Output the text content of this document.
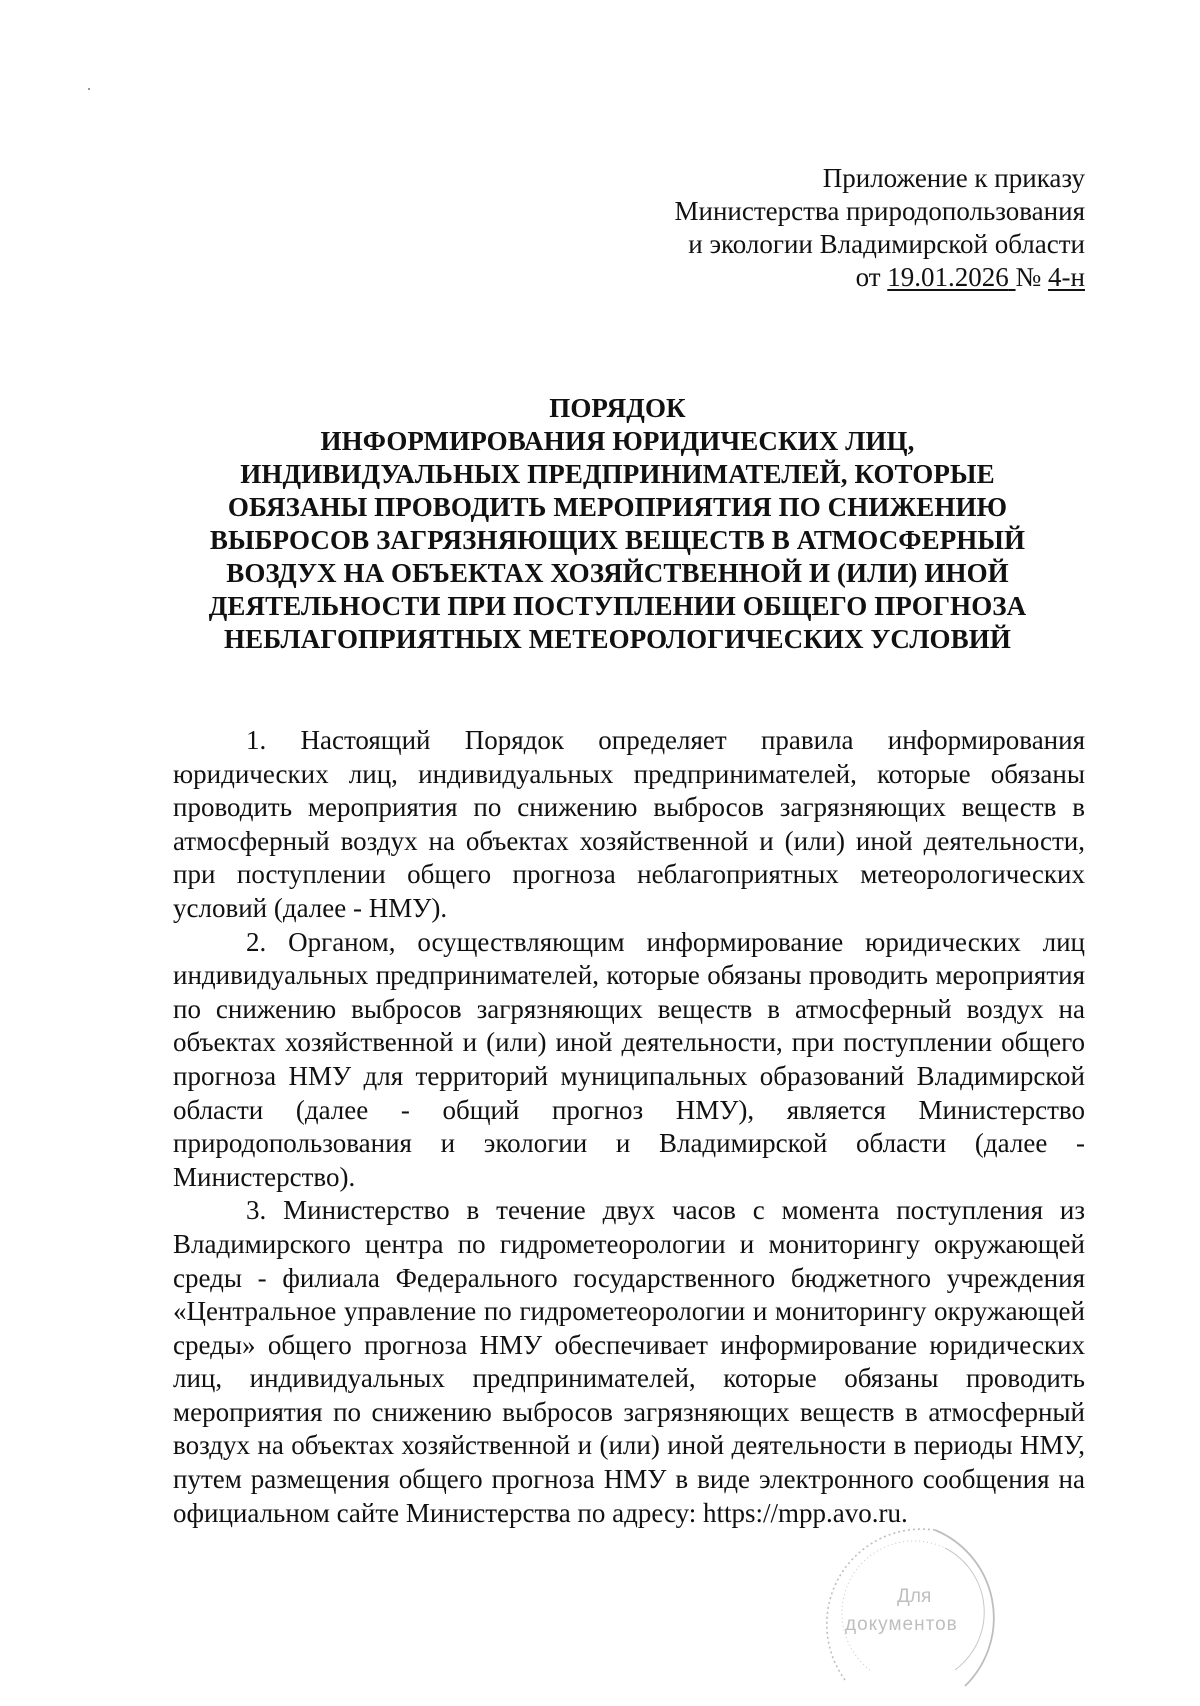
Приложение к приказу
Министерства природопользования
и экологии Владимирской области
от 19.01.2026 № 4-н
ПОРЯДОК
ИНФОРМИРОВАНИЯ ЮРИДИЧЕСКИХ ЛИЦ,
ИНДИВИДУАЛЬНЫХ ПРЕДПРИНИМАТЕЛЕЙ, КОТОРЫЕ
ОБЯЗАНЫ ПРОВОДИТЬ МЕРОПРИЯТИЯ ПО СНИЖЕНИЮ
ВЫБРОСОВ ЗАГРЯЗНЯЮЩИХ ВЕЩЕСТВ В АТМОСФЕРНЫЙ
ВОЗДУХ НА ОБЪЕКТАХ ХОЗЯЙСТВЕННОЙ И (ИЛИ) ИНОЙ
ДЕЯТЕЛЬНОСТИ ПРИ ПОСТУПЛЕНИИ ОБЩЕГО ПРОГНОЗА
НЕБЛАГОПРИЯТНЫХ МЕТЕОРОЛОГИЧЕСКИХ УСЛОВИЙ

1. Настоящий Порядок определяет правила информирования юридических лиц, индивидуальных предпринимателей, которые обязаны проводить мероприятия по снижению выбросов загрязняющих веществ в атмосферный воздух на объектах хозяйственной и (или) иной деятельности, при поступлении общего прогноза неблагоприятных метеорологических условий (далее - НМУ).

2. Органом, осуществляющим информирование юридических лиц индивидуальных предпринимателей, которые обязаны проводить мероприятия по снижению выбросов загрязняющих веществ в атмосферный воздух на объектах хозяйственной и (или) иной деятельности, при поступлении общего прогноза НМУ для территорий муниципальных образований Владимирской области (далее - общий прогноз НМУ), является Министерство природопользования и экологии и Владимирской области (далее - Министерство).

3. Министерство в течение двух часов с момента поступления из Владимирского центра по гидрометеорологии и мониторингу окружающей среды - филиала Федерального государственного бюджетного учреждения «Центральное управление по гидрометеорологии и мониторингу окружающей среды» общего прогноза НМУ обеспечивает информирование юридических лиц, индивидуальных предпринимателей, которые обязаны проводить мероприятия по снижению выбросов загрязняющих веществ в атмосферный воздух на объектах хозяйственной и (или) иной деятельности в периоды НМУ, путем размещения общего прогноза НМУ в виде электронного сообщения на официальном сайте Министерства по адресу: https://mpp.avo.ru.

Для
документов
